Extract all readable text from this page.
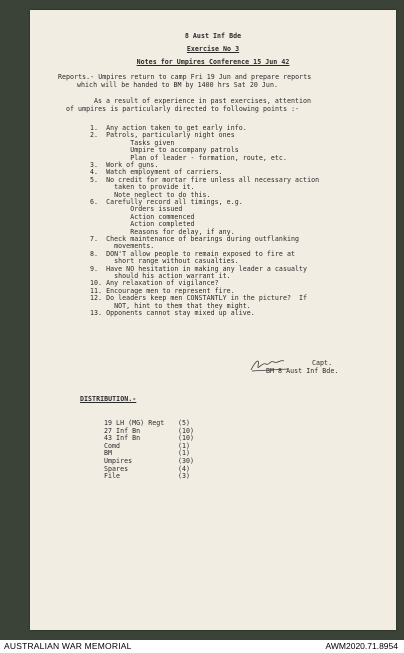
8 Aust Inf Bde
Exercise No 3
Notes for Umpires Conference 15 Jun 42
Reports.- Umpires return to camp Fri 19 Jun and prepare reports
which will be handed to BM by 1400 hrs Sat 20 Jun.
As a result of experience in past exercises, attention
of umpires is particularly directed to following points :-
1.  Any action taken to get early info.
2.  Patrols, particularly night ones
Tasks given
Umpire to accompany patrols
Plan of leader - formation, route, etc.
3.  Work of guns.
4.  Watch employment of carriers.
5.  No credit for mortar fire unless all necessary action
taken to provide it.
Note neglect to do this.
6.  Carefully record all timings, e.g.
Orders issued
Action commenced
Action completed
Reasons for delay, if any.
7.  Check maintenance of bearings during outflanking
movements.
8.  DON'T allow people to remain exposed to fire at
short range without casualties.
9.  Have NO hesitation in making any leader a casualty
should his action warrant it.
10. Any relaxation of vigilance?
11. Encourage men to represent fire.
12. Do leaders keep men CONSTANTLY in the picture?  If
NOT, hint to them that they might.
13. Opponents cannot stay mixed up alive.
Capt.
BM 8 Aust Inf Bde.
DISTRIBUTION.-
19 LH (MG) Regt (5)
27 Inf Bn	(10)
43 Inf Bn	(10)
Comd	(1)
BM	(1)
Umpires	(30)
Spares	(4)
File	(3)
AUSTRALIAN WAR MEMORIAL	AWM2020.71.8954
